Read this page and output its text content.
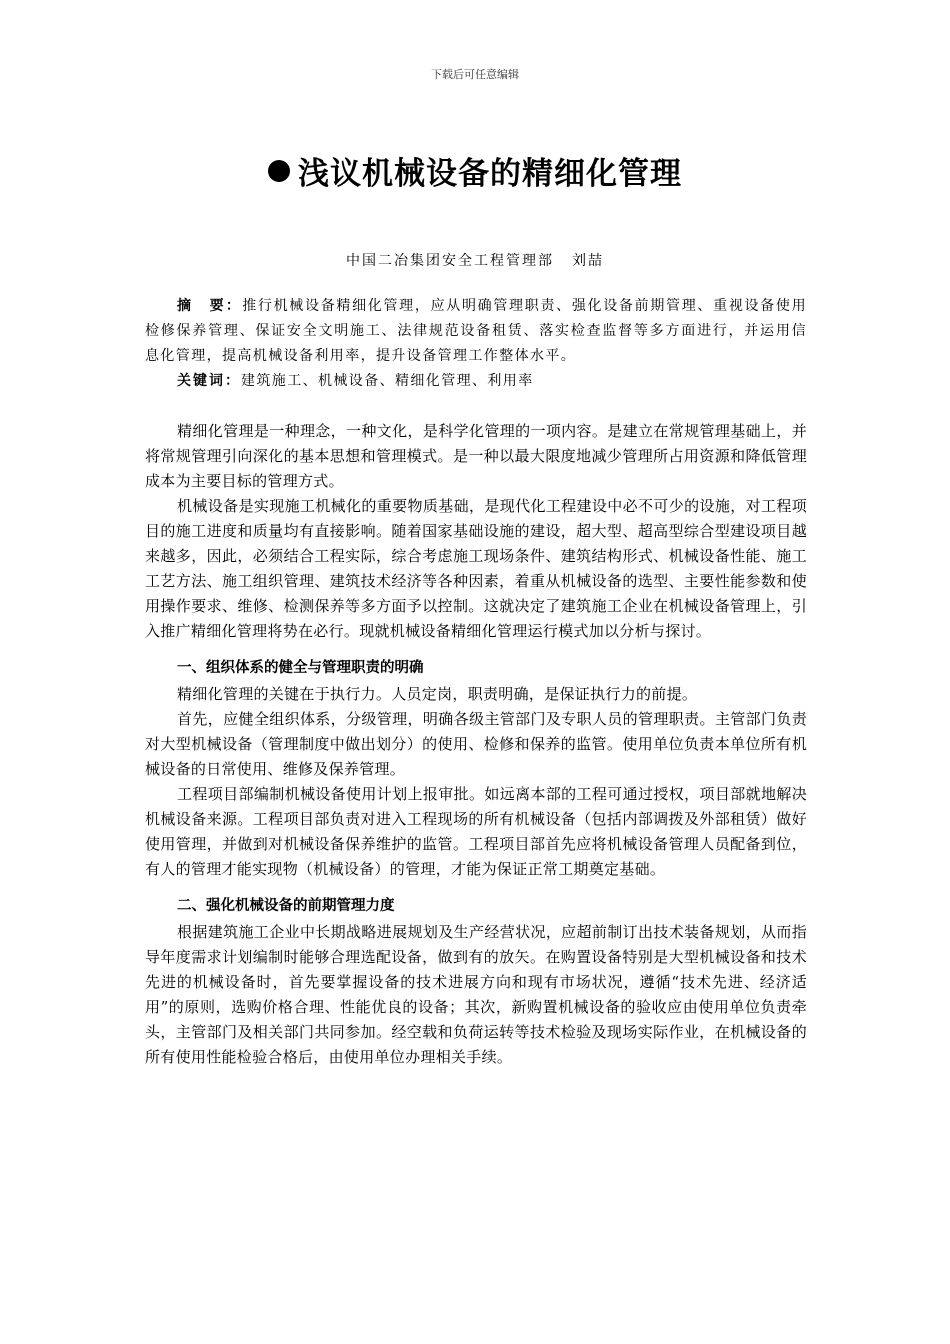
下载后可任意编辑
浅议机械设备的精细化管理
中国二冶集团安全工程管理部 刘喆

摘　要：推行机械设备精细化管理，应从明确管理职责、强化设备前期管理、重视设备使用检修保养管理、保证安全文明施工、法律规范设备租赁、落实检查监督等多方面进行，并运用信息化管理，提高机械设备利用率，提升设备管理工作整体水平。

关键词：建筑施工、机械设备、精细化管理、利用率

精细化管理是一种理念，一种文化，是科学化管理的一项内容。是建立在常规管理基础上，并将常规管理引向深化的基本思想和管理模式。是一种以最大限度地减少管理所占用资源和降低管理成本为主要目标的管理方式。

机械设备是实现施工机械化的重要物质基础，是现代化工程建设中必不可少的设施，对工程项目的施工进度和质量均有直接影响。随着国家基础设施的建设，超大型、超高型综合型建设项目越来越多，因此，必须结合工程实际，综合考虑施工现场条件、建筑结构形式、机械设备性能、施工工艺方法、施工组织管理、建筑技术经济等各种因素，着重从机械设备的选型、主要性能参数和使用操作要求、维修、检测保养等多方面予以控制。这就决定了建筑施工企业在机械设备管理上，引入推广精细化管理将势在必行。现就机械设备精细化管理运行模式加以分析与探讨。

一、组织体系的健全与管理职责的明确

精细化管理的关键在于执行力。人员定岗，职责明确，是保证执行力的前提。

首先，应健全组织体系，分级管理，明确各级主管部门及专职人员的管理职责。主管部门负责对大型机械设备（管理制度中做出划分）的使用、检修和保养的监管。使用单位负责本单位所有机械设备的日常使用、维修及保养管理。

工程项目部编制机械设备使用计划上报审批。如远离本部的工程可通过授权，项目部就地解决机械设备来源。工程项目部负责对进入工程现场的所有机械设备（包括内部调拨及外部租赁）做好使用管理，并做到对机械设备保养维护的监管。工程项目部首先应将机械设备管理人员配备到位，有人的管理才能实现物（机械设备）的管理，才能为保证正常工期奠定基础。

二、强化机械设备的前期管理力度

根据建筑施工企业中长期战略进展规划及生产经营状况，应超前制订出技术装备规划，从而指导年度需求计划编制时能够合理选配设备，做到有的放矢。在购置设备特别是大型机械设备和技术先进的机械设备时，首先要掌握设备的技术进展方向和现有市场状况，遵循“技术先进、经济适用”的原则，选购价格合理、性能优良的设备；其次，新购置机械设备的验收应由使用单位负责牵头，主管部门及相关部门共同参加。经空载和负荷运转等技术检验及现场实际作业，在机械设备的所有使用性能检验合格后，由使用单位办理相关手续。
